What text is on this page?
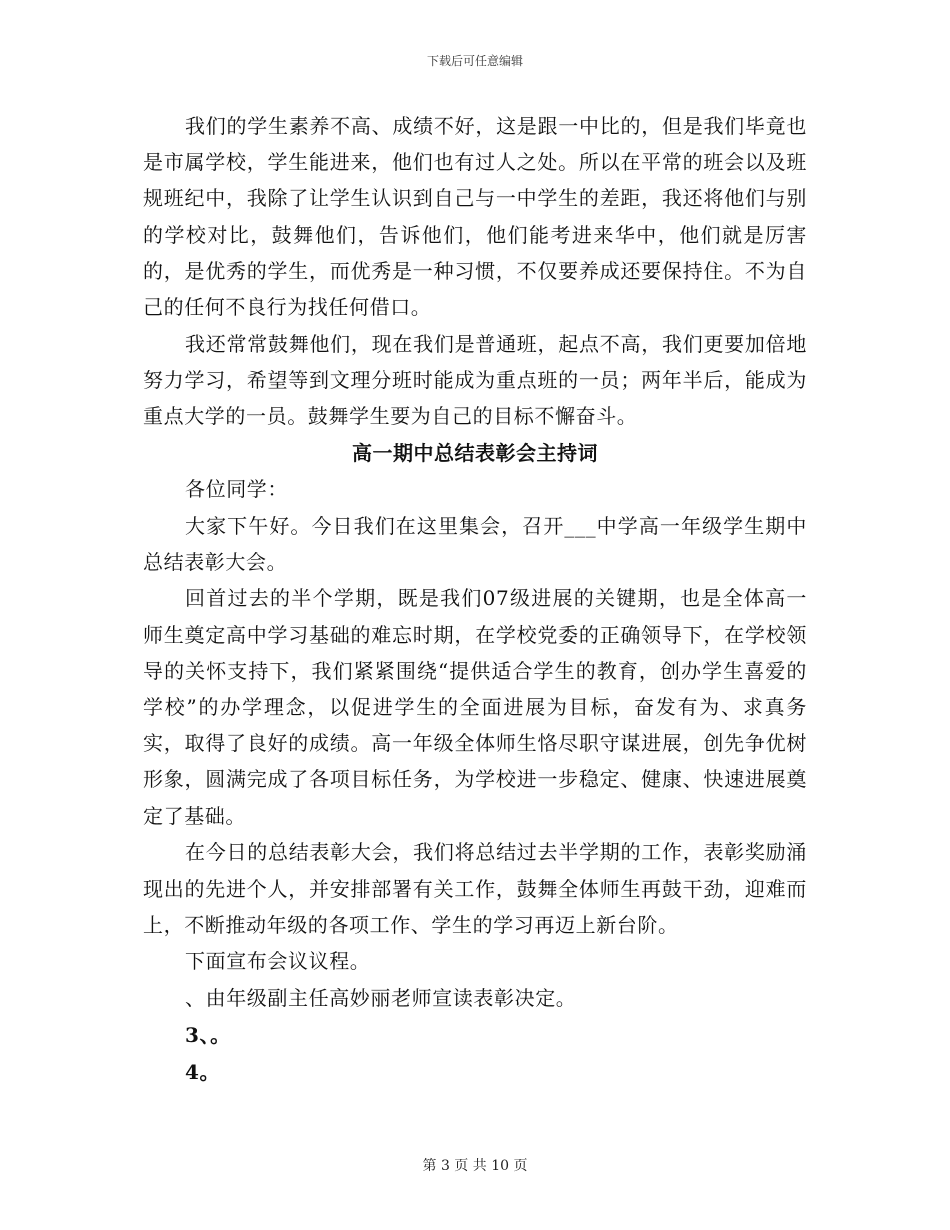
下载后可任意编辑

我们的学生素养不高、成绩不好，这是跟一中比的，但是我们毕竟也是市属学校，学生能进来，他们也有过人之处。所以在平常的班会以及班规班纪中，我除了让学生认识到自己与一中学生的差距，我还将他们与别的学校对比，鼓舞他们，告诉他们，他们能考进来华中，他们就是厉害的，是优秀的学生，而优秀是一种习惯，不仅要养成还要保持住。不为自己的任何不良行为找任何借口。

我还常常鼓舞他们，现在我们是普通班，起点不高，我们更要加倍地努力学习，希望等到文理分班时能成为重点班的一员；两年半后，能成为重点大学的一员。鼓舞学生要为自己的目标不懈奋斗。

高一期中总结表彰会主持词

各位同学：

大家下午好。今日我们在这里集会，召开___中学高一年级学生期中总结表彰大会。

回首过去的半个学期，既是我们07级进展的关键期，也是全体高一师生奠定高中学习基础的难忘时期，在学校党委的正确领导下，在学校领导的关怀支持下，我们紧紧围绕“提供适合学生的教育，创办学生喜爱的学校”的办学理念，以促进学生的全面进展为目标，奋发有为、求真务实，取得了良好的成绩。高一年级全体师生恪尽职守谋进展，创先争优树形象，圆满完成了各项目标任务，为学校进一步稳定、健康、快速进展奠定了基础。

在今日的总结表彰大会，我们将总结过去半学期的工作，表彰奖励涌现出的先进个人，并安排部署有关工作，鼓舞全体师生再鼓干劲，迎难而上，不断推动年级的各项工作、学生的学习再迈上新台阶。

下面宣布会议议程。

、由年级副主任高妙丽老师宣读表彰决定。

3、。

4。

第 3 页 共 10 页
